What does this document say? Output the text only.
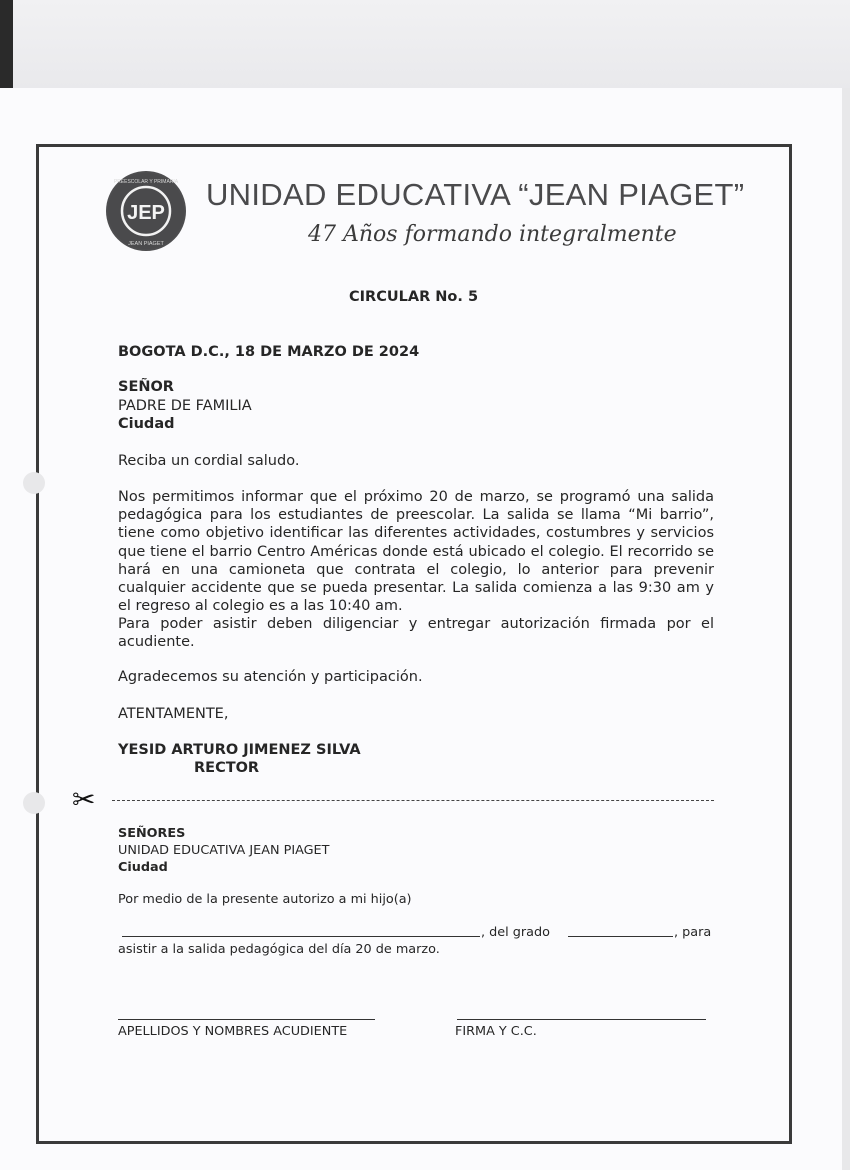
JEP
PREESCOLAR Y PRIMARIA
JEAN PIAGET
UNIDAD EDUCATIVA “JEAN PIAGET”
47 Años formando integralmente
CIRCULAR No. 5
BOGOTA D.C., 18 DE MARZO DE 2024
SEÑOR
PADRE DE FAMILIA
Ciudad
Reciba un cordial saludo.
Nos permitimos informar que el próximo 20 de marzo, se programó una salida pedagógica para los estudiantes de preescolar. La salida se llama “Mi barrio”, tiene como objetivo identificar las diferentes actividades, costumbres y servicios que tiene el barrio Centro Américas donde está ubicado el colegio. El recorrido se hará en una camioneta que contrata el colegio, lo anterior para prevenir cualquier accidente que se pueda presentar. La salida comienza a las 9:30 am y el regreso al colegio es a las 10:40 am.
Para poder asistir deben diligenciar y entregar autorización firmada por el acudiente.
Agradecemos su atención y participación.
ATENTAMENTE,
YESID ARTURO JIMENEZ SILVA
RECTOR
✂
SEÑORES
UNIDAD EDUCATIVA JEAN PIAGET
Ciudad
Por medio de la presente autorizo a mi hijo(a)
, del grado	, para
asistir a la salida pedagógica del día 20 de marzo.
APELLIDOS Y NOMBRES ACUDIENTE	FIRMA Y C.C.
